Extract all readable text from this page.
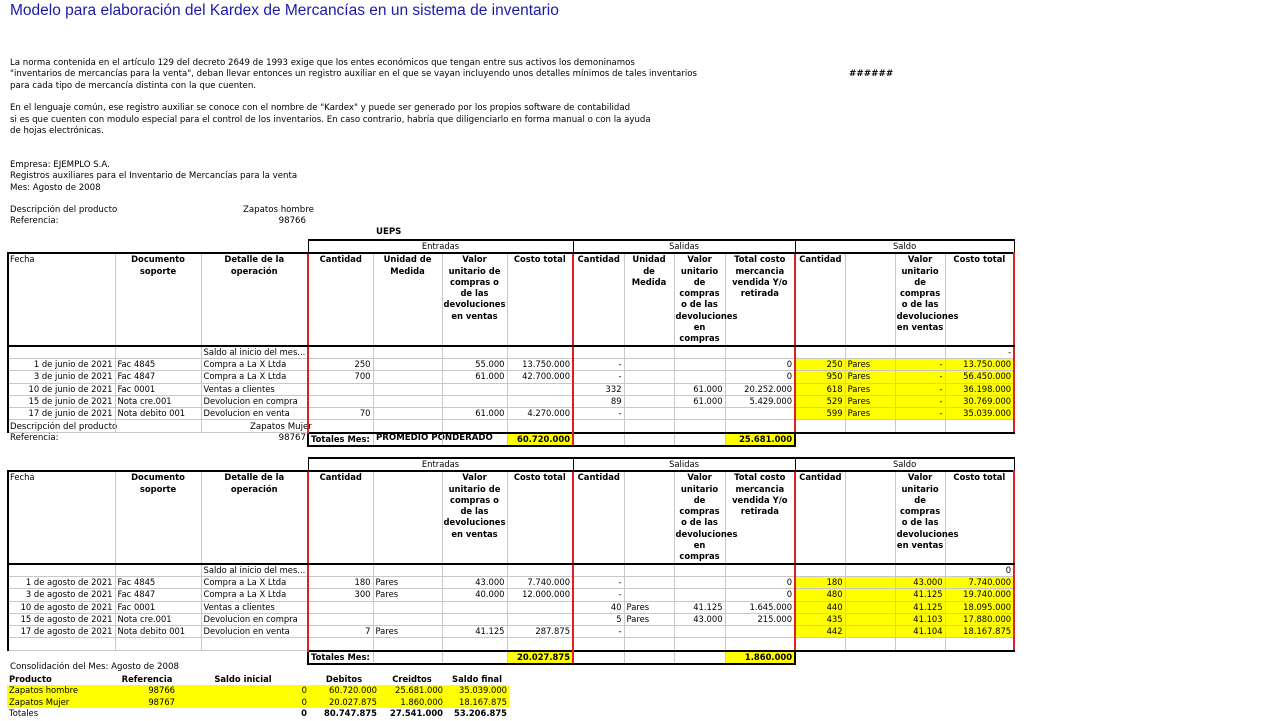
Modelo para elaboración del Kardex de Mercancías en un sistema de inventario
La norma contenida en el artículo 129 del decreto 2649 de 1993 exige que los entes económicos que tengan entre sus activos los demoninamos
"inventarios de mercancías para la venta", deban llevar entonces un registro auxiliar en el que se vayan incluyendo unos detalles mínimos de tales inventarios
para cada tipo de mercancía distinta con la que cuenten.
En el lenguaje común, ese registro auxiliar se conoce con el nombre de "Kardex" y puede ser generado por los propios software de contabilidad
si es que cuenten con modulo especial para el control de los inventarios. En caso contrario, habría que diligenciarlo en forma manual o con la ayuda
de hojas electrónicas.
######
Empresa: EJEMPLO S.A.
Registros auxiliares para el Inventario de Mercancías para la venta
Mes: Agosto de 2008
Descripción del producto	Zapatos hombre
Referencia:	98766
UEPS
Descripción del producto	Zapatos Mujer
Referencia:	98767	PROMEDIO PONDERADO
			Entradas				Salidas				Saldo			
Fecha	Documento soporte	Detalle de la operación	Cantidad	Unidad de Medida	Valor unitario de compras o de las devoluciones en ventas	Costo total	Cantidad	Unidad de Medida	Valor unitario de compras o de las devoluciones en compras	Total costo mercancia vendida Y/o retirada	Cantidad		Valor unitario de compras o de las devoluciones en ventas	Costo total
		Saldo al inicio del mes...												-
1 de junio de 2021	Fac 4845	Compra a La X Ltda	250		55.000	13.750.000	-			0	250	Pares	-	13.750.000
3 de junio de 2021	Fac 4847	Compra a La X Ltda	700		61.000	42.700.000	-			0	950	Pares	-	56.450.000
10 de junio de 2021	Fac 0001	Ventas a clientes					332		61.000	20.252.000	618	Pares	-	36.198.000
15 de junio de 2021	Nota cre.001	Devolucion en compra					89		61.000	5.429.000	529	Pares	-	30.769.000
17 de junio de 2021	Nota debito 001	Devolucion en venta	70		61.000	4.270.000	-				599	Pares	-	35.039.000

			Totales Mes:			60.720.000				25.681.000				
			Entradas				Salidas				Saldo			
Fecha	Documento soporte	Detalle de la operación	Cantidad		Valor unitario de compras o de las devoluciones en ventas	Costo total	Cantidad		Valor unitario de compras o de las devoluciones en compras	Total costo mercancia vendida Y/o retirada	Cantidad		Valor unitario de compras o de las devoluciones en ventas	Costo total
		Saldo al inicio del mes...												0
1 de agosto de 2021	Fac 4845	Compra a La X Ltda	180	Pares	43.000	7.740.000	-			0	180		43.000	7.740.000
3 de agosto de 2021	Fac 4847	Compra a La X Ltda	300	Pares	40.000	12.000.000	-			0	480		41.125	19.740.000
10 de agosto de 2021	Fac 0001	Ventas a clientes					40	Pares	41.125	1.645.000	440		41.125	18.095.000
15 de agosto de 2021	Nota cre.001	Devolucion en compra					5	Pares	43.000	215.000	435		41.103	17.880.000
17 de agosto de 2021	Nota debito 001	Devolucion en venta	7	Pares	41.125	287.875	-				442		41.104	18.167.875

			Totales Mes:			20.027.875				1.860.000				
Consolidación del Mes: Agosto de 2008
Producto	Referencia	Saldo inicial	Debitos	Creidtos	Saldo final
Zapatos hombre	98766	0	60.720.000	25.681.000	35.039.000
Zapatos Mujer	98767	0	20.027.875	1.860.000	18.167.875
Totales		0	80.747.875	27.541.000	53.206.875
